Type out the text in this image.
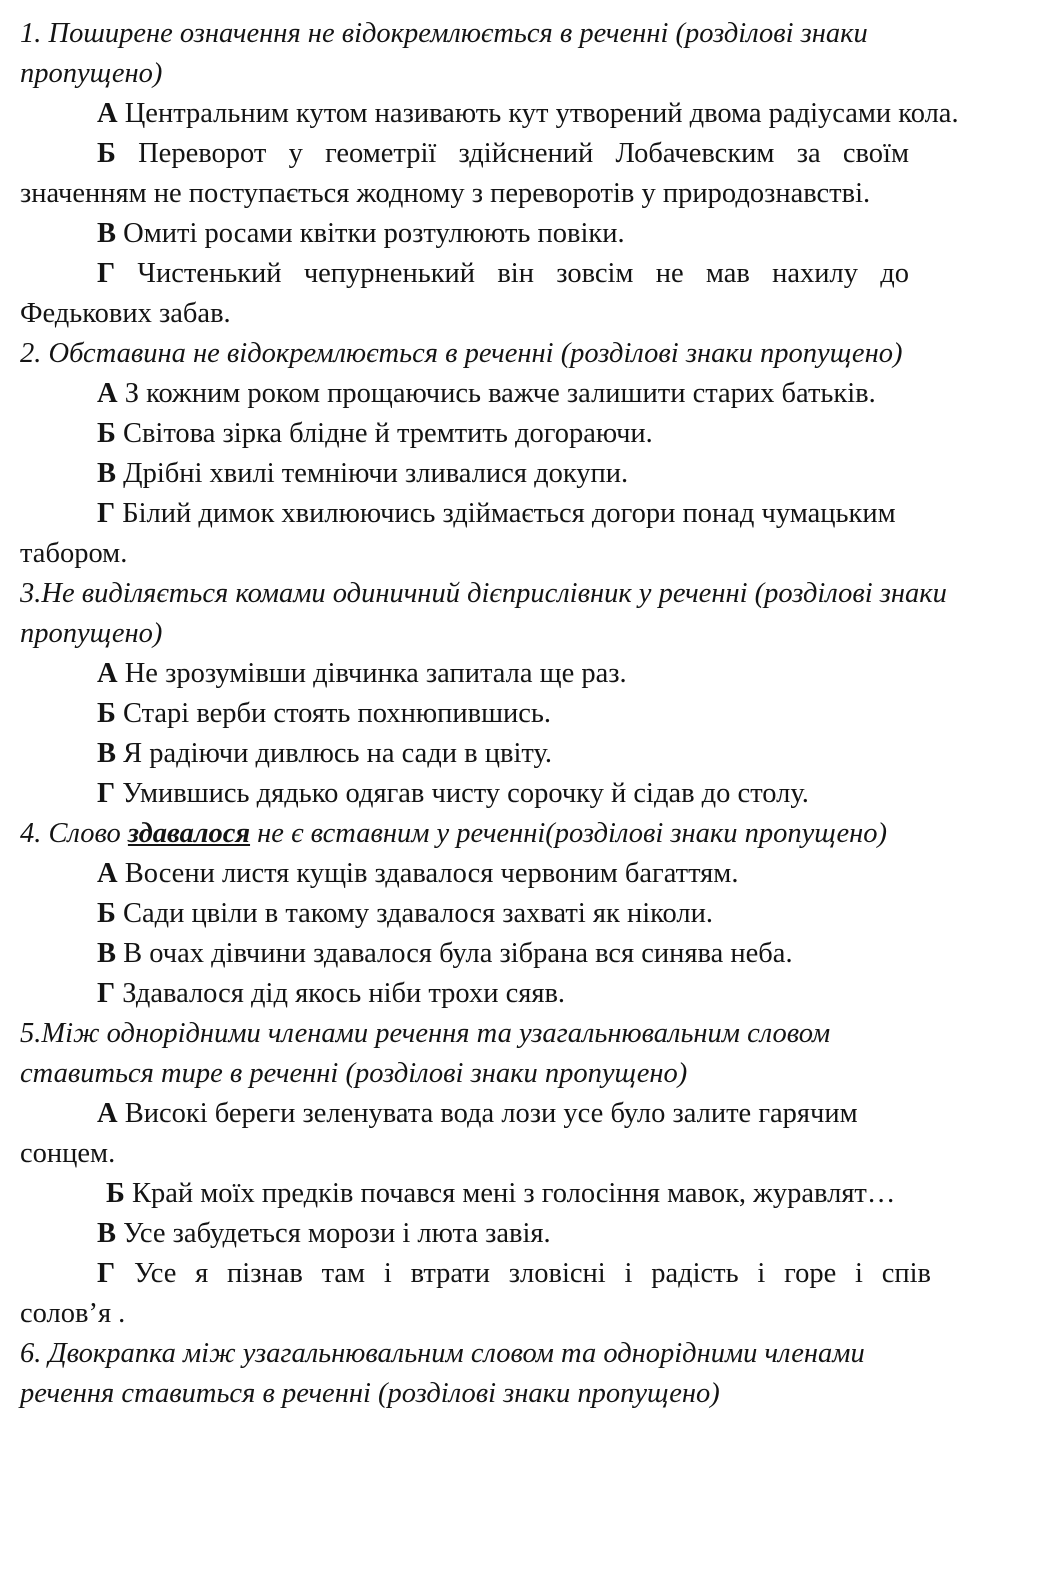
1. Поширене означення не відокремлюється в реченні (розділові знаки
пропущено)
А Центральним кутом називають кут утворений двома радіусами кола.
Б Переворот у геометрії здійснений Лобачевским за своїм
значенням не поступається жодному з переворотів у природознавстві.
В Омиті росами квітки розтулюють повіки.
Г Чистенький чепурненький він зовсім не мав нахилу до
Федькових забав.
2. Обставина не відокремлюється в реченні (розділові знаки пропущено)
А З кожним роком прощаючись важче залишити старих батьків.
Б Світова зірка блідне й тремтить догораючи.
В Дрібні хвилі темніючи зливалися докупи.
Г Білий димок хвилюючись здіймається догори понад чумацьким
табором.
3.Не виділяється комами одиничний дієприслівник у реченні (розділові знаки
пропущено)
А Не зрозумівши дівчинка запитала ще раз.
Б Старі верби стоять похнюпившись.
В Я радіючи дивлюсь на сади в цвіту.
Г Умившись дядько одягав чисту сорочку й сідав до столу.
4. Слово здавалося не є вставним у реченні(розділові знаки пропущено)
А Восени листя кущів здавалося червоним багаттям.
Б Сади цвіли в такому здавалося захваті як ніколи.
В В очах дівчини здавалося була зібрана вся синява неба.
Г Здавалося дід якось ніби трохи сяяв.
5.Між однорідними членами речення та узагальнювальним словом
ставиться тире в реченні (розділові знаки пропущено)
А Високі береги зеленувата вода лози усе було залите гарячим
сонцем.
Б Край моїх предків почався мені з голосіння мавок, журавлят…
В Усе забудеться морози і люта завія.
Г Усе я пізнав там і втрати зловісні і радість і горе і спів
солов’я .
6. Двокрапка між узагальнювальним словом та однорідними членами
речення ставиться в реченні (розділові знаки пропущено)
